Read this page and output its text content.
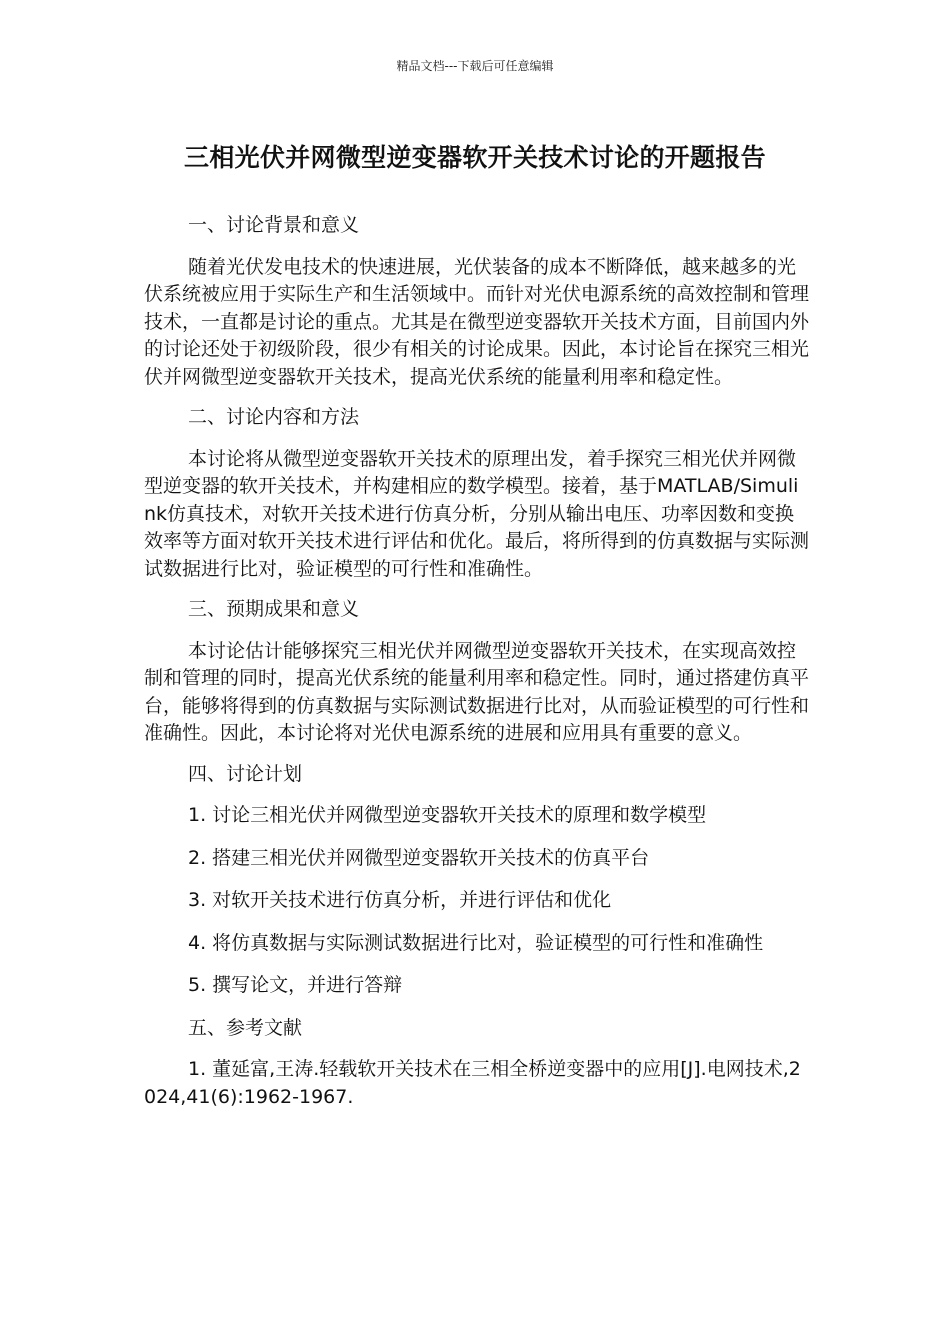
精品文档---下载后可任意编辑
三相光伏并网微型逆变器软开关技术讨论的开题报告

一、讨论背景和意义

随着光伏发电技术的快速进展，光伏装备的成本不断降低，越来越多的光伏系统被应用于实际生产和生活领域中。而针对光伏电源系统的高效控制和管理技术，一直都是讨论的重点。尤其是在微型逆变器软开关技术方面，目前国内外的讨论还处于初级阶段，很少有相关的讨论成果。因此，本讨论旨在探究三相光伏并网微型逆变器软开关技术，提高光伏系统的能量利用率和稳定性。

二、讨论内容和方法

本讨论将从微型逆变器软开关技术的原理出发，着手探究三相光伏并网微型逆变器的软开关技术，并构建相应的数学模型。接着，基于MATLAB/Simulink仿真技术，对软开关技术进行仿真分析，分别从输出电压、功率因数和变换效率等方面对软开关技术进行评估和优化。最后，将所得到的仿真数据与实际测试数据进行比对，验证模型的可行性和准确性。

三、预期成果和意义

本讨论估计能够探究三相光伏并网微型逆变器软开关技术，在实现高效控制和管理的同时，提高光伏系统的能量利用率和稳定性。同时，通过搭建仿真平台，能够将得到的仿真数据与实际测试数据进行比对，从而验证模型的可行性和准确性。因此，本讨论将对光伏电源系统的进展和应用具有重要的意义。

四、讨论计划

1. 讨论三相光伏并网微型逆变器软开关技术的原理和数学模型

2. 搭建三相光伏并网微型逆变器软开关技术的仿真平台

3. 对软开关技术进行仿真分析，并进行评估和优化

4. 将仿真数据与实际测试数据进行比对，验证模型的可行性和准确性

5. 撰写论文，并进行答辩

五、参考文献

1. 董延富,王涛.轻载软开关技术在三相全桥逆变器中的应用[J].电网技术,2024,41(6):1962-1967.
